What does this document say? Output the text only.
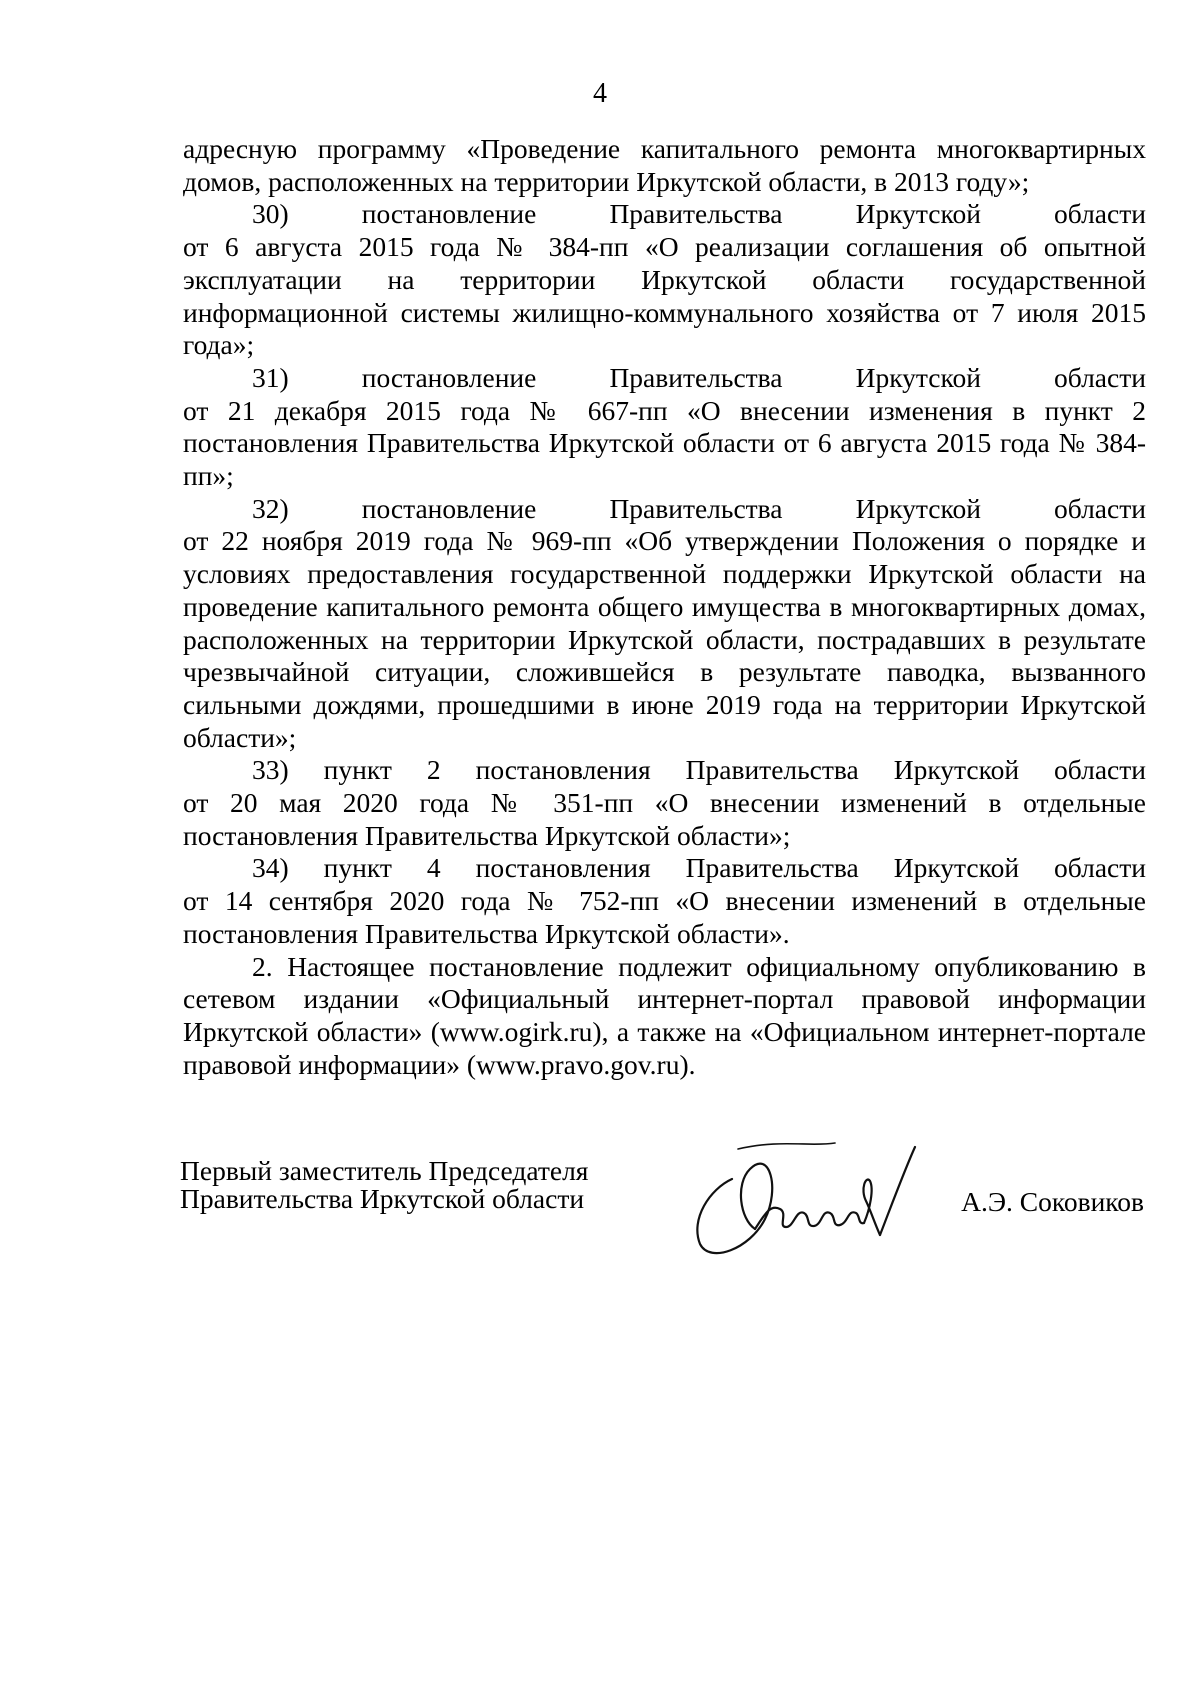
4

адресную программу «Проведение капитального ремонта многоквартирных домов, расположенных на территории Иркутской области, в 2013 году»;

30)	постановление	Правительства	Иркутской	области

от 6 августа 2015 года № 384-пп «О реализации соглашения об опытной эксплуатации на территории Иркутской области государственной информационной системы жилищно-коммунального хозяйства от 7 июля 2015 года»;

31)	постановление	Правительства	Иркутской	области

от 21 декабря 2015 года № 667-пп «О внесении изменения в пункт 2 постановления Правительства Иркутской области от 6 августа 2015 года № 384-пп»;

32)	постановление	Правительства	Иркутской	области

от 22 ноября 2019 года № 969-пп «Об утверждении Положения о порядке и условиях предоставления государственной поддержки Иркутской области на проведение капитального ремонта общего имущества в многоквартирных домах, расположенных на территории Иркутской области, пострадавших в результате чрезвычайной ситуации, сложившейся в результате паводка, вызванного сильными дождями, прошедшими в июне 2019 года на территории Иркутской области»;

33) пункт 2 постановления Правительства Иркутской области

от 20 мая 2020 года № 351-пп «О внесении изменений в отдельные постановления Правительства Иркутской области»;

34) пункт 4 постановления Правительства Иркутской области

от 14 сентября 2020 года № 752-пп «О внесении изменений в отдельные постановления Правительства Иркутской области».

2. Настоящее постановление подлежит официальному опубликованию в сетевом издании «Официальный интернет-портал правовой информации Иркутской области» (www.ogirk.ru), а также на «Официальном интернет-портале правовой информации» (www.pravo.gov.ru).

Первый заместитель Председателя
Правительства Иркутской области	А.Э. Соковиков
